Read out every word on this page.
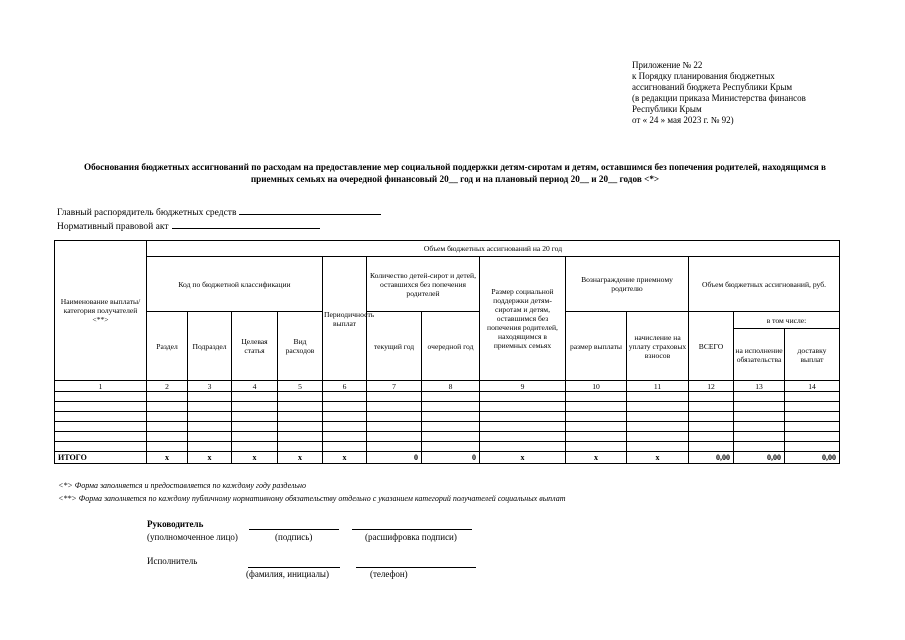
Приложение № 22
к Порядку планирования бюджетных
ассигнований бюджета Республики Крым
(в редакции приказа Министерства финансов
Республики Крым
от « 24 » мая 2023 г. № 92)
Обоснования бюджетных ассигнований по расходам на предоставление мер социальной поддержки детям-сиротам и детям, оставшимся без попечения родителей, находящимся в
приемных семьях на очередной финансовый 20__ год и на плановый период 20__ и 20__ годов <*>
Главный распорядитель бюджетных средств
Нормативный правовой акт
Наименование выплаты/категория получателей <**>	Объем бюджетных ассигнований на 20 год												
	Код по бюджетной классификации				Периодичность выплат	Количество детей-сирот и детей, оставшихся без попечения родителей		Размер социальной поддержки детям-сиротам и детям, оставшимся без попечения родителей, находящимся в приемных семьях	Вознаграждение приемному родителю		Объем бюджетных ассигнований, руб.		
	Раздел	Подраздел	Целевая статья	Вид расходов		текущий год	очередной год		размер выплаты	начисление на уплату страховых взносов	ВСЕГО	в том числе:	
												на исполнение обязательства	доставку выплат
1	2	3	4	5	6	7	8	9	10	11	12	13	14

ИТОГО	x	x	x	x	x	0	0	x	x	x	0,00	0,00	0,00
<*> Форма заполняется и предоставляется по каждому году раздельно
<**> Форма заполняется по каждому публичному нормативному обязательству отдельно с указанием категорий получателей социальных выплат
Руководитель
(уполномоченное лицо)	(подпись)	(расшифровка подписи)
Исполнитель
(фамилия, инициалы)	(телефон)
